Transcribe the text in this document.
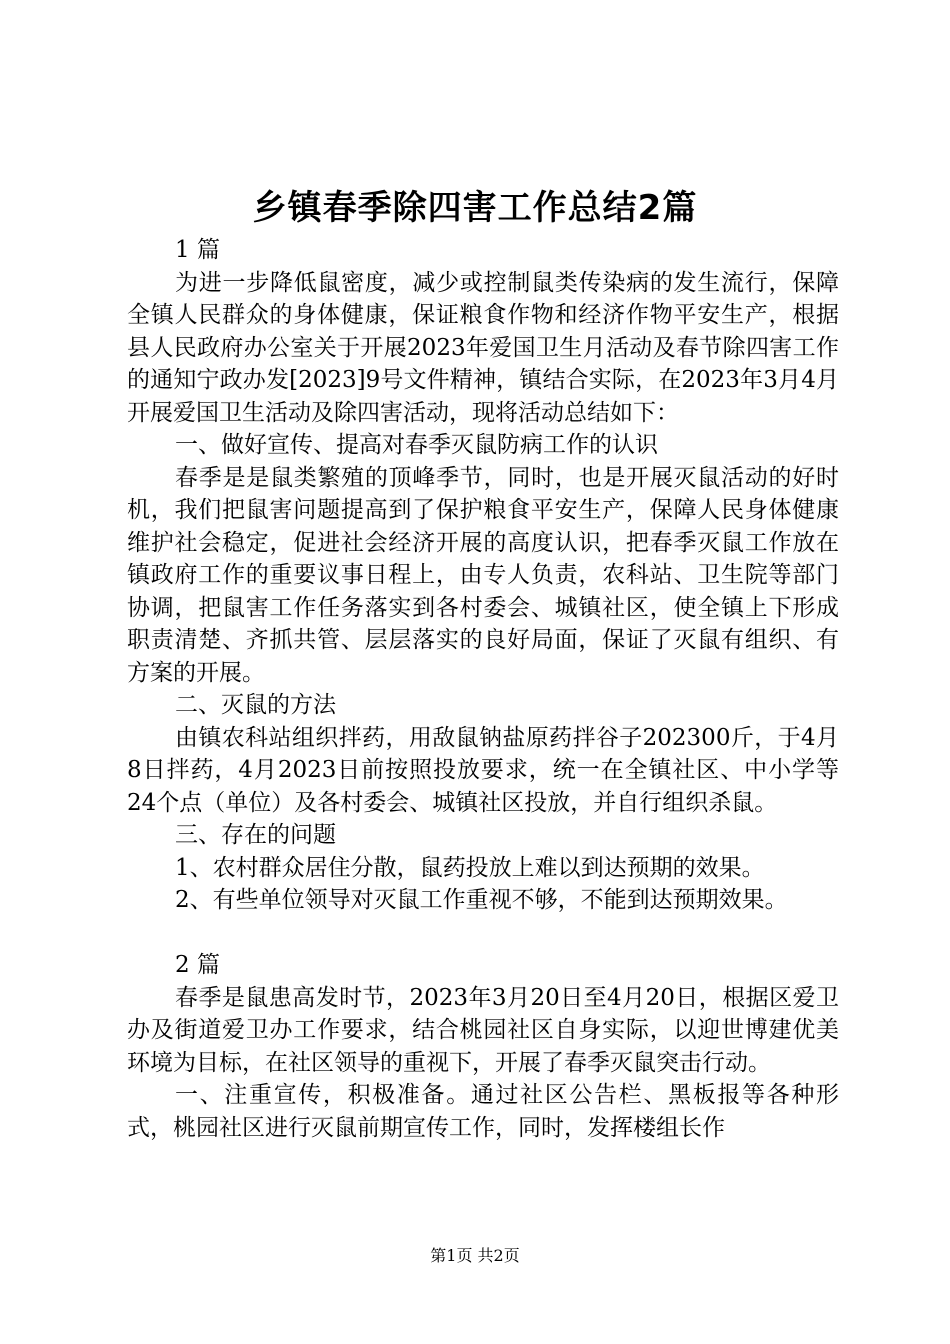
乡镇春季除四害工作总结2篇

1 篇

为进一步降低鼠密度，减少或控制鼠类传染病的发生流行，保障全镇人民群众的身体健康，保证粮食作物和经济作物平安生产，根据县人民政府办公室关于开展2023年爱国卫生月活动及春节除四害工作的通知宁政办发[2023]9号文件精神，镇结合实际，在2023年3月4月开展爱国卫生活动及除四害活动，现将活动总结如下：

一、做好宣传、提高对春季灭鼠防病工作的认识

春季是是鼠类繁殖的顶峰季节，同时，也是开展灭鼠活动的好时机，我们把鼠害问题提高到了保护粮食平安生产，保障人民身体健康维护社会稳定，促进社会经济开展的高度认识，把春季灭鼠工作放在镇政府工作的重要议事日程上，由专人负责，农科站、卫生院等部门协调，把鼠害工作任务落实到各村委会、城镇社区，使全镇上下形成职责清楚、齐抓共管、层层落实的良好局面，保证了灭鼠有组织、有方案的开展。

二、灭鼠的方法

由镇农科站组织拌药，用敌鼠钠盐原药拌谷子202300斤，于4月8日拌药，4月2023日前按照投放要求，统一在全镇社区、中小学等24个点（单位）及各村委会、城镇社区投放，并自行组织杀鼠。

三、存在的问题

1、农村群众居住分散，鼠药投放上难以到达预期的效果。

2、有些单位领导对灭鼠工作重视不够，不能到达预期效果。

2 篇

春季是鼠患高发时节，2023年3月20日至4月20日，根据区爱卫办及街道爱卫办工作要求，结合桃园社区自身实际，以迎世博建优美环境为目标，在社区领导的重视下，开展了春季灭鼠突击行动。

一、注重宣传，积极准备。通过社区公告栏、黑板报等各种形式，桃园社区进行灭鼠前期宣传工作，同时，发挥楼组长作

第1页 共2页
